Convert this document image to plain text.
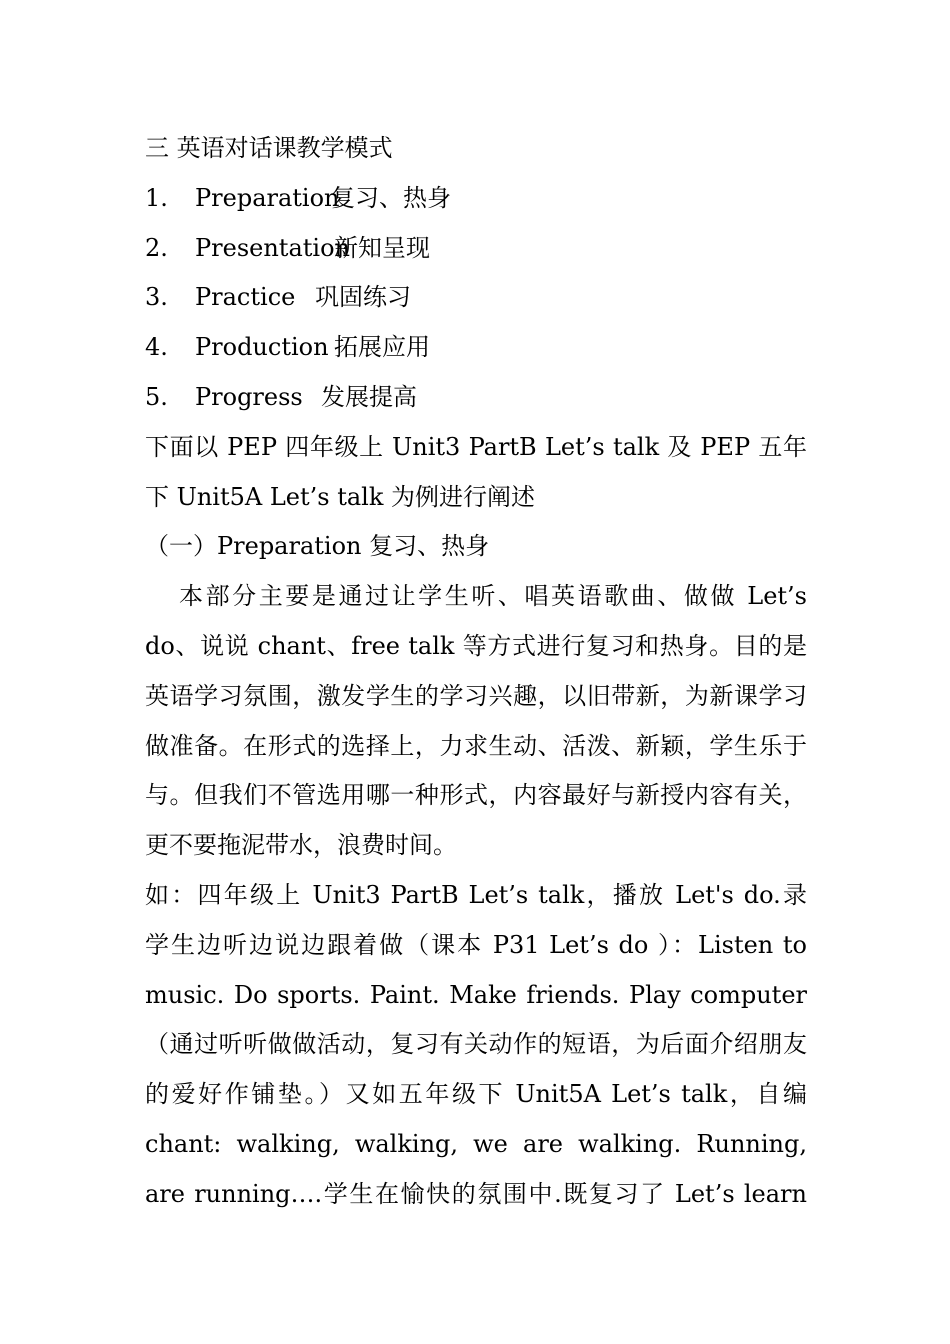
三 英语对话课教学模式
1. Preparation复习、热身
2. Presentation新知呈现
3. Practice 巩固练习
4. Production 拓展应用
5. Progress 发展提高
下面以 PEP 四年级上 Unit3 PartB Let’s talk 及 PEP 五年
下 Unit5A Let’s talk 为例进行阐述
（一）Preparation 复习、热身
本部分主要是通过让学生听、唱英语歌曲、做做 Let’s
do、说说 chant、free talk 等方式进行复习和热身。目的是
英语学习氛围，激发学生的学习兴趣，以旧带新，为新课学习
做准备。在形式的选择上，力求生动、活泼、新颖，学生乐于
与。但我们不管选用哪一种形式，内容最好与新授内容有关，
更不要拖泥带水，浪费时间。
如：四年级上 Unit3 PartB Let’s talk，播放 Let's do.录
学生边听边说边跟着做（课本 P31 Let’s do ）：Listen to
music. Do sports. Paint. Make friends. Play computer
（通过听听做做活动，复习有关动作的短语，为后面介绍朋友
的爱好作铺垫。）又如五年级下 Unit5A Let’s talk，自编
chant: walking, walking, we are walking. Running,
are running….学生在愉快的氛围中.既复习了 Let’s learn
